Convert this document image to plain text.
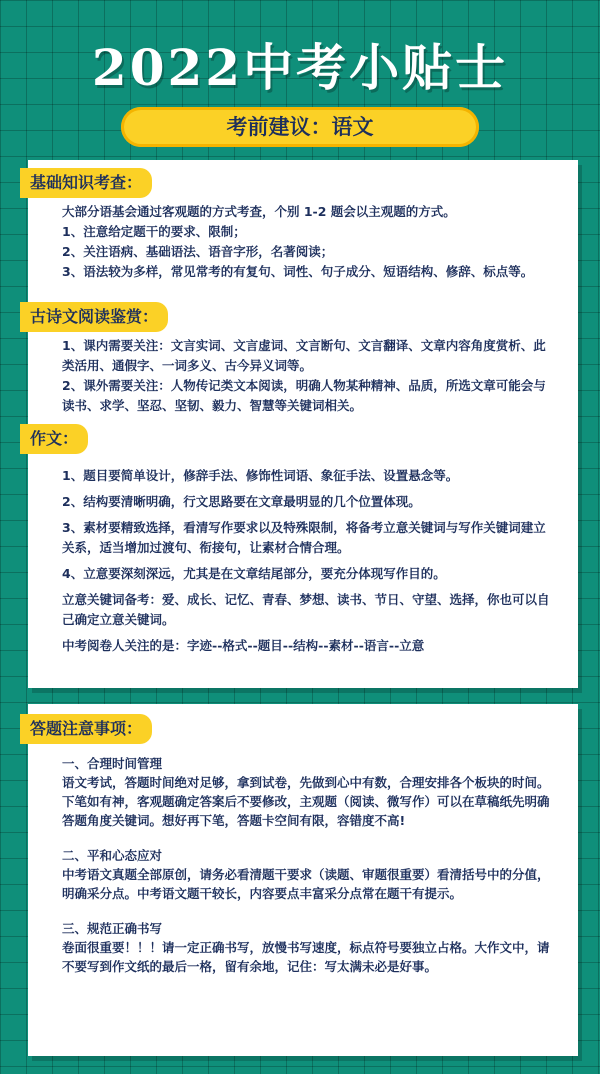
2022中考小贴士
考前建议：语文
基础知识考查：

大部分语基会通过客观题的方式考查，个别 1-2 题会以主观题的方式。

1、注意给定题干的要求、限制；

2、关注语病、基础语法、语音字形，名著阅读；

3、语法较为多样，常见常考的有复句、词性、句子成分、短语结构、修辞、标点等。

古诗文阅读鉴赏：

1、课内需要关注：文言实词、文言虚词、文言断句、文言翻译、文章内容角度赏析、此类活用、通假字、一词多义、古今异义词等。

2、课外需要关注：人物传记类文本阅读，明确人物某种精神、品质，所选文章可能会与读书、求学、坚忍、坚韧、毅力、智慧等关键词相关。

作文：

1、题目要简单设计，修辞手法、修饰性词语、象征手法、设置悬念等。

2、结构要清晰明确，行文思路要在文章最明显的几个位置体现。

3、素材要精致选择，看清写作要求以及特殊限制，将备考立意关键词与写作关键词建立关系，适当增加过渡句、衔接句，让素材合情合理。

4、立意要深刻深远，尤其是在文章结尾部分，要充分体现写作目的。

立意关键词备考：爱、成长、记忆、青春、梦想、读书、节日、守望、选择，你也可以自己确定立意关键词。

中考阅卷人关注的是：字迹--格式--题目--结构--素材--语言--立意

答题注意事项：

一、合理时间管理

语文考试，答题时间绝对足够，拿到试卷，先做到心中有数，合理安排各个板块的时间。下笔如有神，客观题确定答案后不要修改，主观题（阅读、微写作）可以在草稿纸先明确答题角度关键词。想好再下笔，答题卡空间有限，容错度不高!

二、平和心态应对

中考语文真题全部原创，请务必看清题干要求（读题、审题很重要）看清括号中的分值，明确采分点。中考语文题干较长，内容要点丰富采分点常在题干有提示。

三、规范正确书写

卷面很重要！！！请一定正确书写，放慢书写速度，标点符号要独立占格。大作文中，请不要写到作文纸的最后一格，留有余地，记住：写太满未必是好事。
